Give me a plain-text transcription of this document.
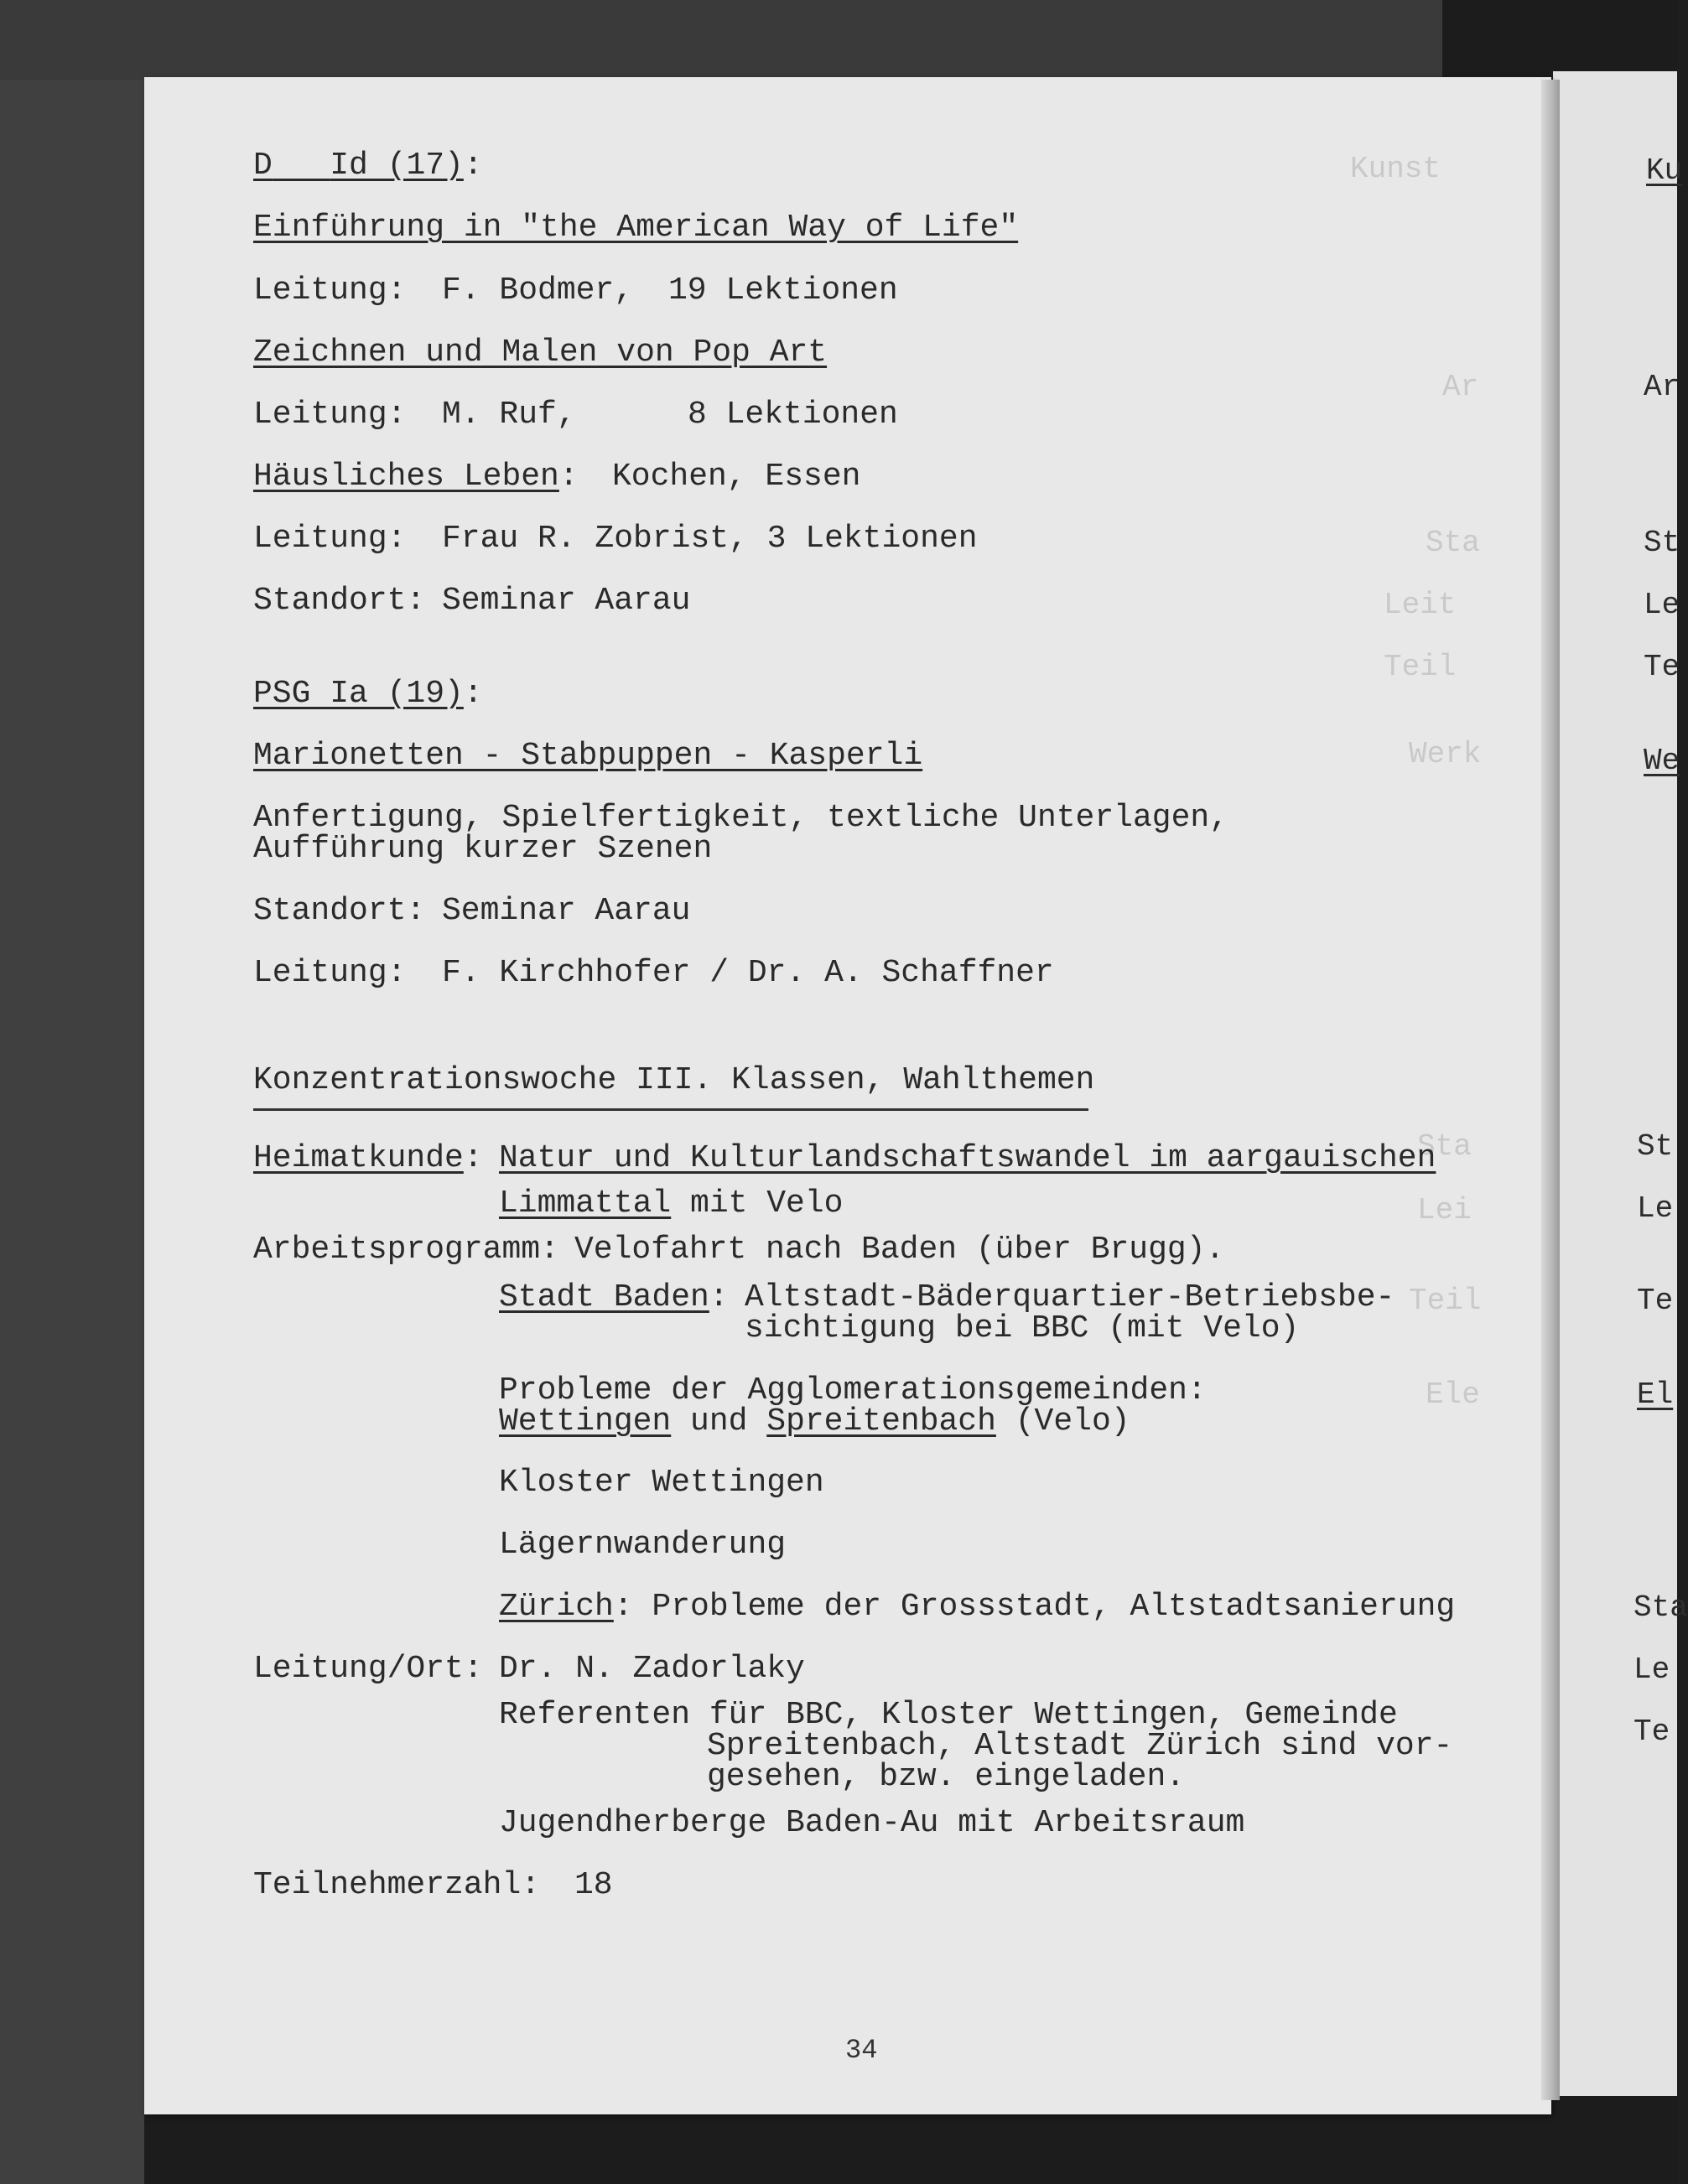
Kunst
Ar
Sta
Leit
Teil
Werk
Sta
Lei
Teil
Ele
Ku
Ar
St
Le
Te
We
St
Le
Te
El
Sta
Le
Te
D Id (17):
Einführung in "the American Way of Life"
Leitung: F. Bodmer, 19 Lektionen
Zeichnen und Malen von Pop Art
Leitung: M. Ruf,	8 Lektionen
Häusliches Leben: Kochen, Essen
Leitung: Frau R. Zobrist, 3 Lektionen
Standort: Seminar Aarau
PSG Ia (19):
Marionetten - Stabpuppen - Kasperli
Anfertigung, Spielfertigkeit, textliche Unterlagen,
Aufführung kurzer Szenen
Standort: Seminar Aarau
Leitung: F. Kirchhofer / Dr. A. Schaffner
Konzentrationswoche III. Klassen, Wahlthemen
Heimatkunde: Natur und Kulturlandschaftswandel im aargauischen
Limmattal mit Velo
Arbeitsprogramm: Velofahrt nach Baden (über Brugg).
Stadt Baden: Altstadt-Bäderquartier-Betriebsbe-
sichtigung bei BBC (mit Velo)
Probleme der Agglomerationsgemeinden:
Wettingen und Spreitenbach (Velo)
Kloster Wettingen
Lägernwanderung
Zürich: Probleme der Grossstadt, Altstadtsanierung
Leitung/Ort: Dr. N. Zadorlaky
Referenten für BBC, Kloster Wettingen, Gemeinde
Spreitenbach, Altstadt Zürich sind vor-
gesehen, bzw. eingeladen.
Jugendherberge Baden-Au mit Arbeitsraum
Teilnehmerzahl: 18
34
